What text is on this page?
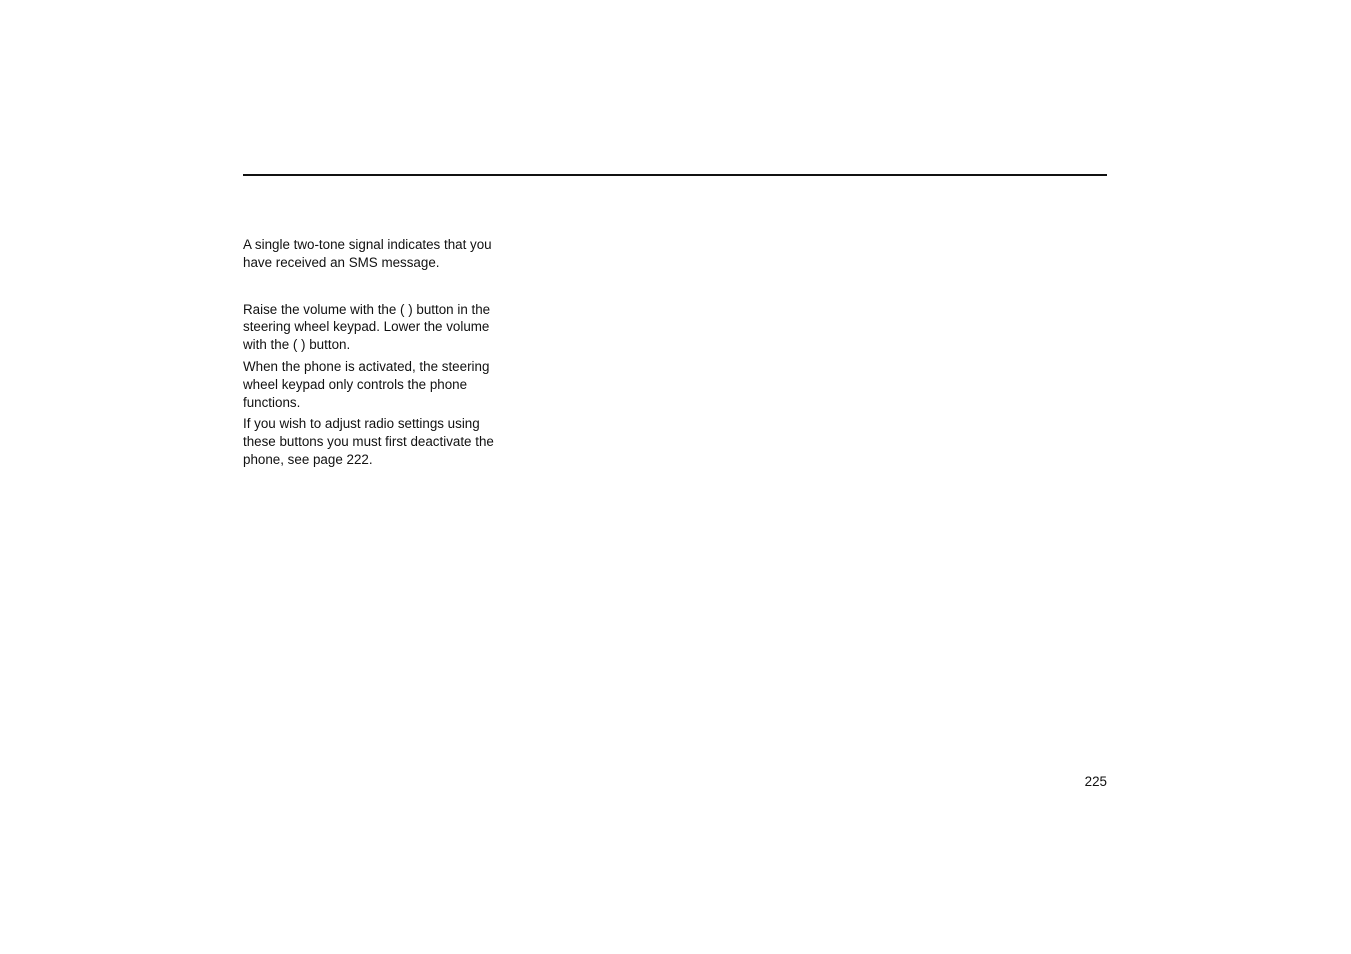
A single two-tone signal indicates that you
have received an SMS message.

Raise the volume with the ( ) button in the
steering wheel keypad. Lower the volume
with the ( ) button.

When the phone is activated, the steering
wheel keypad only controls the phone
functions.

If you wish to adjust radio settings using
these buttons you must first deactivate the
phone, see page 222.

225
